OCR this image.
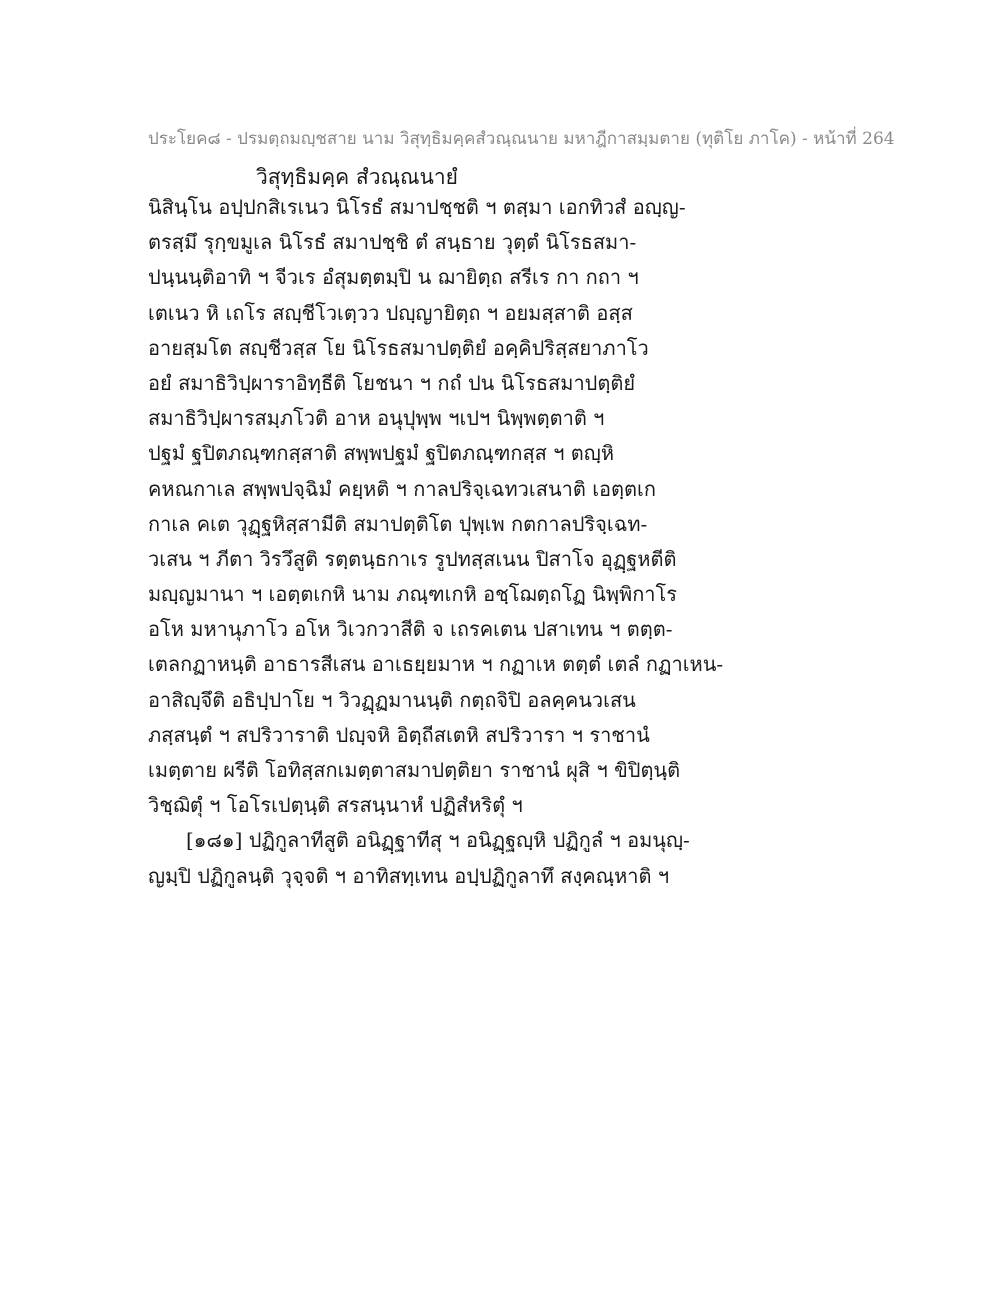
ประโยค๘ - ปรมตฺถมญฺชสาย นาม วิสุทฺธิมคฺคสํวณฺณนาย มหาฎีกาสมฺมตาย (ทุติโย ภาโค) - หน้าที่ 264
วิสุทฺธิมคฺค สํวณฺณนายํ
นิสินฺโน อปฺปกสิเรเนว นิโรธํ สมาปชฺชติ ฯ ตสฺมา เอกทิวสํ อญฺญ-
ตรสฺมึ รุกฺขมูเล นิโรธํ สมาปชฺชิ ตํ สนฺธาย วุตฺตํ นิโรธสมา-
ปนฺนนฺติอาทิ ฯ จีวเร อํสุมตฺตมฺปิ น ฌายิตฺถ สรีเร กา กถา ฯ
เตเนว หิ เถโร สญฺชีโวเตฺวว ปญฺญายิตฺถ ฯ อยมสฺสาติ อสฺส
อายสฺมโต สญฺชีวสฺส โย นิโรธสมาปตฺติยํ อคฺคิปริสฺสยาภาโว
อยํ สมาธิวิปฺผาราอิทฺธีติ โยชนา ฯ กถํ ปน นิโรธสมาปตฺติยํ
สมาธิวิปฺผารสมฺภโวติ อาห อนุปุพฺพ ฯเปฯ นิพฺพตฺตาติ ฯ
ปฐมํ ฐปิตภณฺฑกสฺสาติ สพฺพปฐมํ ฐปิตภณฺฑกสฺส ฯ ตญฺหิ
คหณกาเล สพฺพปจฺฉิมํ คยฺหติ ฯ กาลปริจฺเฉทวเสนาติ เอตฺตเก
กาเล คเต วุฏฺฐหิสฺสามีติ สมาปตฺติโต ปุพฺเพ กตกาลปริจฺเฉท-
วเสน ฯ ภีตา วิรวึสูติ รตฺตนฺธกาเร รูปทสฺสเนน ปิสาโจ อุฏฺฐหตีติ
มญฺญมานา ฯ เอตฺตเกหิ นาม ภณฺฑเกหิ อชฺโฌตฺถโฏ นิพฺพิกาโร
อโห มหานุภาโว อโห วิเวกวาสีติ จ เถรคเตน ปสาเทน ฯ ตตฺต-
เตลกฏาหนฺติ อาธารสีเสน อาเธยฺยมาห ฯ กฏาเห ตตฺตํ เตลํ กฏาเหน-
อาสิญฺจึติ อธิปฺปาโย ฯ วิวฏฺฏมานนฺติ กตฺถจิปิ อลคฺคนวเสน
ภสฺสนฺตํ ฯ สปริวาราติ ปญฺจหิ อิตฺถีสเตหิ สปริวารา ฯ ราชานํ
เมตฺตาย ผรีติ โอทิสฺสกเมตฺตาสมาปตฺติยา ราชานํ ผุสิ ฯ ขิปิตฺนฺติ
วิชฺฌิตุํ ฯ โอโรเปตฺนฺติ สรสนฺนาหํ ปฏิสํหริตุํ ฯ
[๑๘๑] ปฏิกูลาทีสูติ อนิฏฺฐาทีสุ ฯ อนิฏฺฐญฺหิ ปฏิกูลํ ฯ อมนุญฺ-
ญมฺปิ ปฏิกูลนฺติ วุจฺจติ ฯ อาทิสทฺเทน อปฺปฏิกูลาทึ สงฺคณฺหาติ ฯ
